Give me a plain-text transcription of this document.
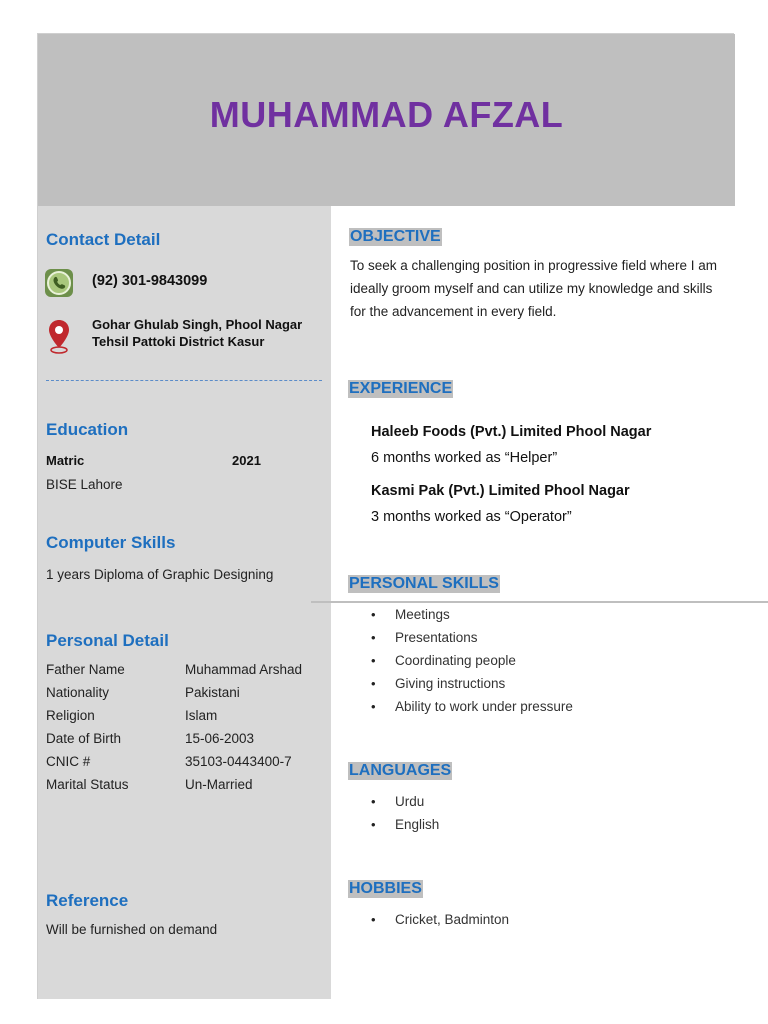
MUHAMMAD AFZAL
Contact Detail
(92) 301-9843099
Gohar Ghulab Singh, Phool Nagar
Tehsil Pattoki District Kasur
Education
Matric	2021
BISE Lahore
Computer Skills
1 years Diploma of Graphic Designing
Personal Detail
Father Name	Muhammad Arshad
Nationality	Pakistani
Religion	Islam
Date of Birth	15-06-2003
CNIC #	35103-0443400-7
Marital Status	Un-Married
Reference
Will be furnished on demand
OBJECTIVE
To seek a challenging position in progressive field where I am ideally groom myself and can utilize my knowledge and skills for the advancement in every field.
EXPERIENCE
Haleeb Foods (Pvt.) Limited Phool Nagar
6 months worked as “Helper”
Kasmi Pak (Pvt.) Limited Phool Nagar
3 months worked as “Operator”
PERSONAL SKILLS
• Meetings
• Presentations
• Coordinating people
• Giving instructions
• Ability to work under pressure
LANGUAGES
• Urdu
• English
HOBBIES
• Cricket, Badminton
